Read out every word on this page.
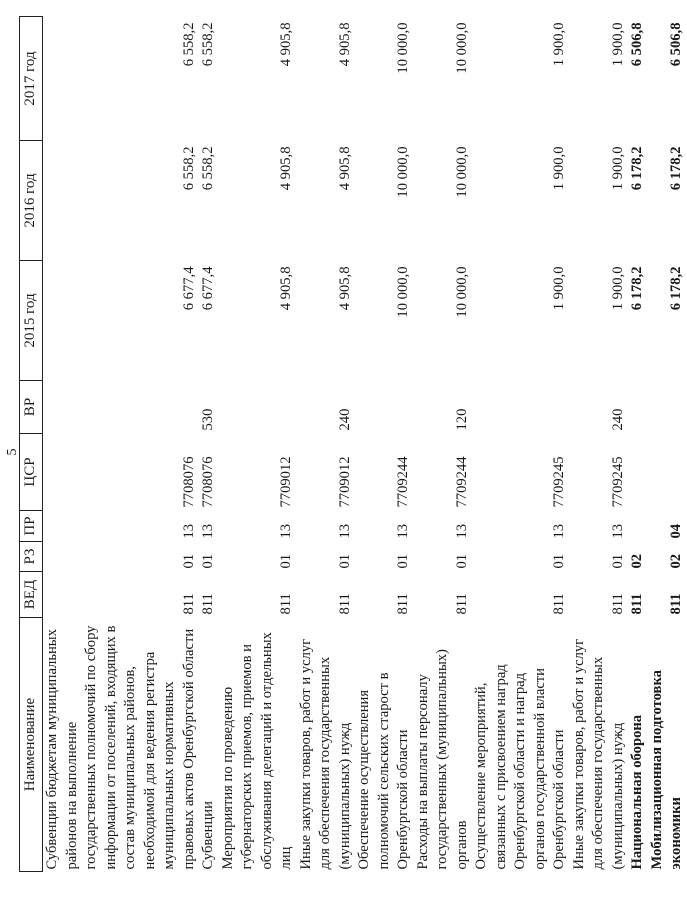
5
Наименование	ВЕД	РЗ	ПР	ЦСР	ВР	2015 год	2016 год	2017 год
Субвенции бюджетам муниципальных районов на выполнение государственных полномочий по сбору информации от поселений, входящих в состав муниципальных районов, необходимой для ведения регистра муниципальных нормативных правовых актов Оренбургской области	811	01	13	7708076		6 677,4	6 558,2	6 558,2
Субвенции	811	01	13	7708076	530	6 677,4	6 558,2	6 558,2
Мероприятия по проведению губернаторских приемов, приемов и обслуживания делегаций и отдельных лиц	811	01	13	7709012		4 905,8	4 905,8	4 905,8
Иные закупки товаров, работ и услуг для обеспечения государственных (муниципальных) нужд	811	01	13	7709012	240	4 905,8	4 905,8	4 905,8
Обеспечение осуществления полномочий сельских старост в Оренбургской области	811	01	13	7709244		10 000,0	10 000,0	10 000,0
Расходы на выплаты персоналу государственных (муниципальных) органов	811	01	13	7709244	120	10 000,0	10 000,0	10 000,0
Осуществление мероприятий, связанных с присвоением наград Оренбургской области и наград органов государственной власти Оренбургской области	811	01	13	7709245		1 900,0	1 900,0	1 900,0
Иные закупки товаров, работ и услуг для обеспечения государственных (муниципальных) нужд	811	01	13	7709245	240	1 900,0	1 900,0	1 900,0
Национальная оборона	811	02				6 178,2	6 178,2	6 506,8
Мобилизационная подготовка экономики	811	02	04			6 178,2	6 178,2	6 506,8
